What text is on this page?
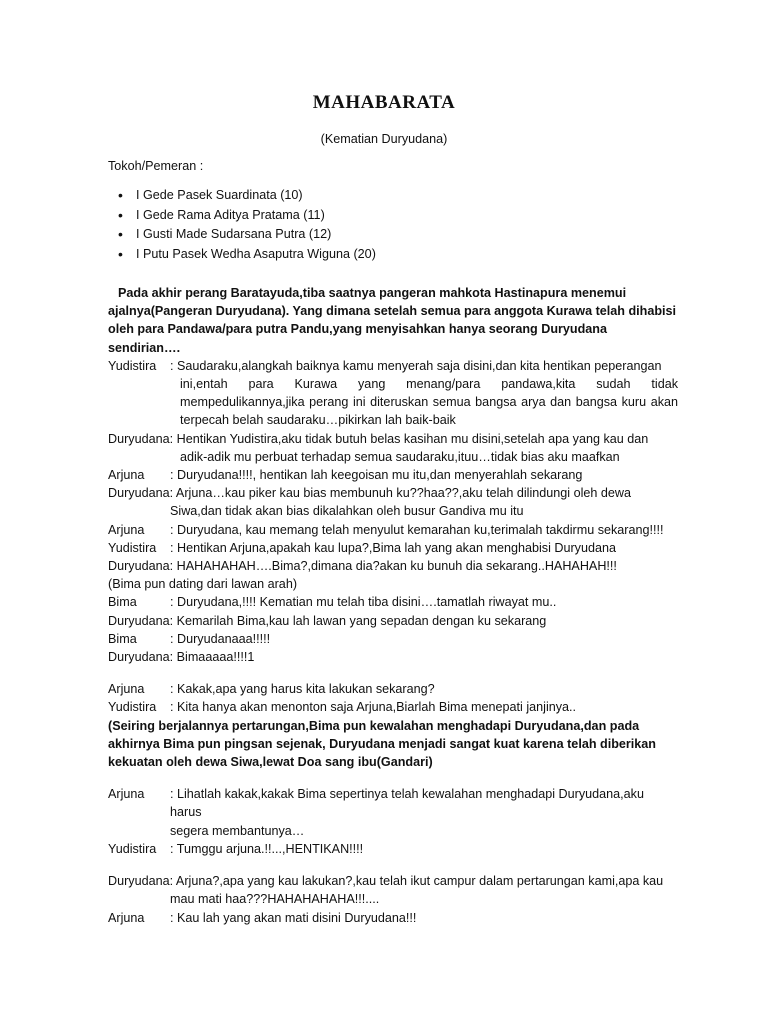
MAHABARATA
(Kematian Duryudana)
Tokoh/Pemeran :
• I Gede Pasek Suardinata (10)
• I Gede Rama Aditya Pratama (11)
• I Gusti Made Sudarsana Putra (12)
• I Putu Pasek Wedha Asaputra Wiguna (20)
Pada akhir perang Baratayuda,tiba saatnya pangeran mahkota Hastinapura menemui ajalnya(Pangeran Duryudana). Yang dimana setelah semua para anggota Kurawa telah dihabisi oleh para Pandawa/para putra Pandu,yang menyisahkan hanya seorang Duryudana sendirian….
Yudistira	: Saudaraku,alangkah baiknya kamu menyerah saja disini,dan kita hentikan peperangan
ini,entah para Kurawa yang menang/para pandawa,kita sudah tidak mempedulikannya,jika perang ini diteruskan semua bangsa arya dan bangsa kuru akan terpecah belah saudaraku…pikirkan lah baik-baik
Duryudana : Hentikan Yudistira,aku tidak butuh belas kasihan mu disini,setelah apa yang kau dan
adik-adik mu perbuat terhadap semua saudaraku,ituu…tidak bias aku maafkan
Arjuna	: Duryudana!!!!, hentikan lah keegoisan mu itu,dan menyerahlah sekarang
Duryudana : Arjuna…kau piker kau bias membunuh ku??haa??,aku telah dilindungi oleh dewa
Siwa,dan tidak akan bias dikalahkan oleh busur Gandiva mu itu
Arjuna	: Duryudana, kau memang telah menyulut kemarahan ku,terimalah takdirmu sekarang!!!!
Yudistira	: Hentikan Arjuna,apakah kau lupa?,Bima lah yang akan menghabisi Duryudana
Duryudana : HAHAHAHAH….Bima?,dimana dia?akan ku bunuh dia sekarang..HAHAHAH!!!
(Bima pun dating dari lawan arah)
Bima	: Duryudana,!!!! Kematian mu telah tiba disini….tamatlah riwayat mu..
Duryudana : Kemarilah Bima,kau lah lawan yang sepadan dengan ku sekarang
Bima	: Duryudanaaa!!!!!
Duryudana : Bimaaaaa!!!!1
Arjuna	: Kakak,apa yang harus kita lakukan sekarang?
Yudistira	: Kita hanya akan menonton saja Arjuna,Biarlah Bima menepati janjinya..
(Seiring berjalannya pertarungan,Bima pun kewalahan menghadapi Duryudana,dan pada akhirnya Bima pun pingsan sejenak, Duryudana menjadi sangat kuat karena telah diberikan kekuatan oleh dewa Siwa,lewat Doa sang ibu(Gandari)
Arjuna	: Lihatlah kakak,kakak Bima sepertinya telah kewalahan menghadapi Duryudana,aku harus
segera membantunya…
Yudistira	: Tumggu arjuna.!!...,HENTIKAN!!!!
Duryudana : Arjuna?,apa yang kau lakukan?,kau telah ikut campur dalam pertarungan kami,apa kau
mau mati haa???HAHAHAHAHA!!!....
Arjuna	: Kau lah yang akan mati disini Duryudana!!!
